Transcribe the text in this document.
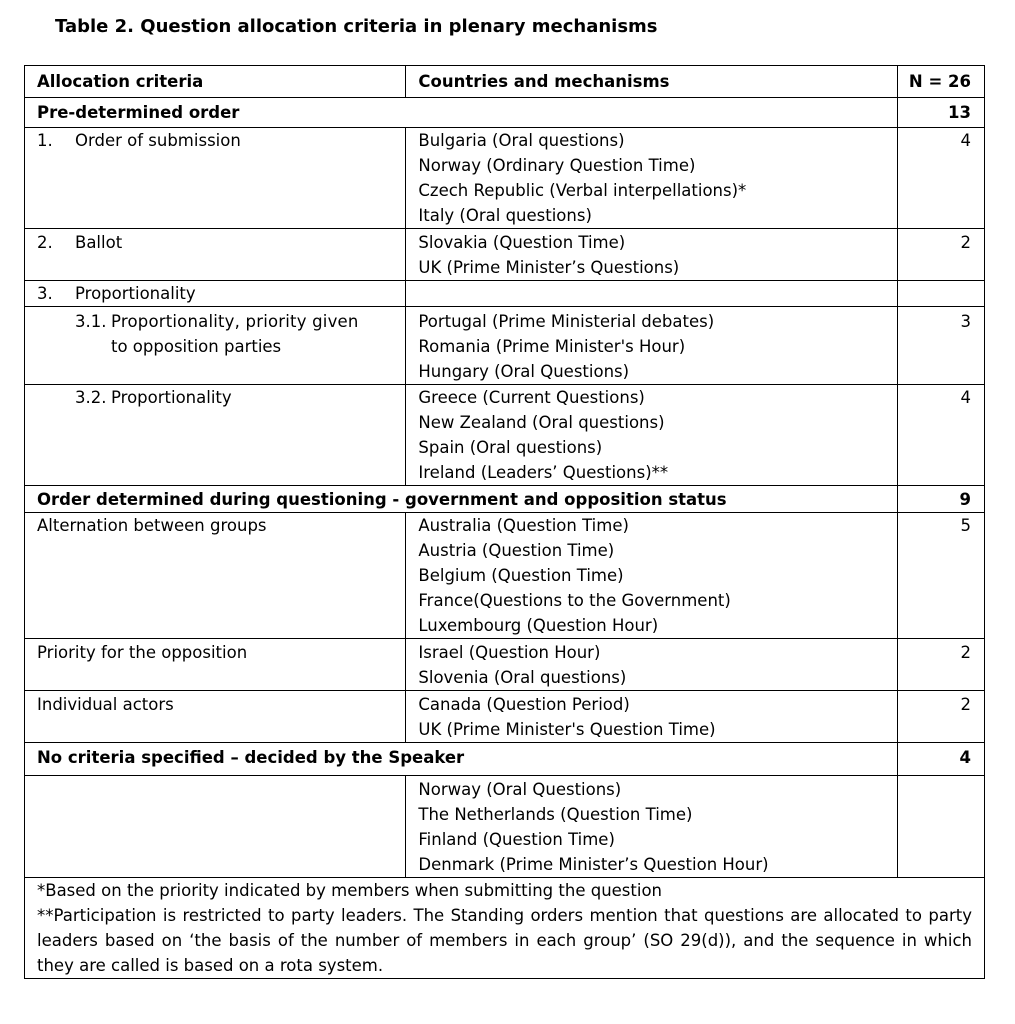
Table 2. Question allocation criteria in plenary mechanisms
Allocation criteria	Countries and mechanisms	N = 26
Pre-determined order		13

1. Order of submission	Bulgaria (Oral questions)
Norway (Ordinary Question Time)
Czech Republic (Verbal interpellations)*
Italy (Oral questions)	4

2. Ballot	Slovakia (Question Time)
UK (Prime Minister’s Questions)	2

3. Proportionality		

3.1. Proportionality, priority given
to opposition parties	Portugal (Prime Ministerial debates)
Romania (Prime Minister's Hour)
Hungary (Oral Questions)	3

3.2. Proportionality	Greece (Current Questions)
New Zealand (Oral questions)
Spain (Oral questions)
Ireland (Leaders’ Questions)**	4
Order determined during questioning - government and opposition status		9
Alternation between groups	Australia (Question Time)
Austria (Question Time)
Belgium (Question Time)
France(Questions to the Government)
Luxembourg (Question Hour)	5
Priority for the opposition	Israel (Question Hour)
Slovenia (Oral questions)	2
Individual actors	Canada (Question Period)
UK (Prime Minister's Question Time)	2
No criteria specified – decided by the Speaker		4

	Norway (Oral Questions)
The Netherlands (Question Time)
Finland (Question Time)
Denmark (Prime Minister’s Question Hour)	

*Based on the priority indicated by members when submitting the question
**Participation is restricted to party leaders. The Standing orders mention that questions are allocated to party leaders based on ‘the basis of the number of members in each group’ (SO 29(d)), and the sequence in which they are called is based on a rota system.		
